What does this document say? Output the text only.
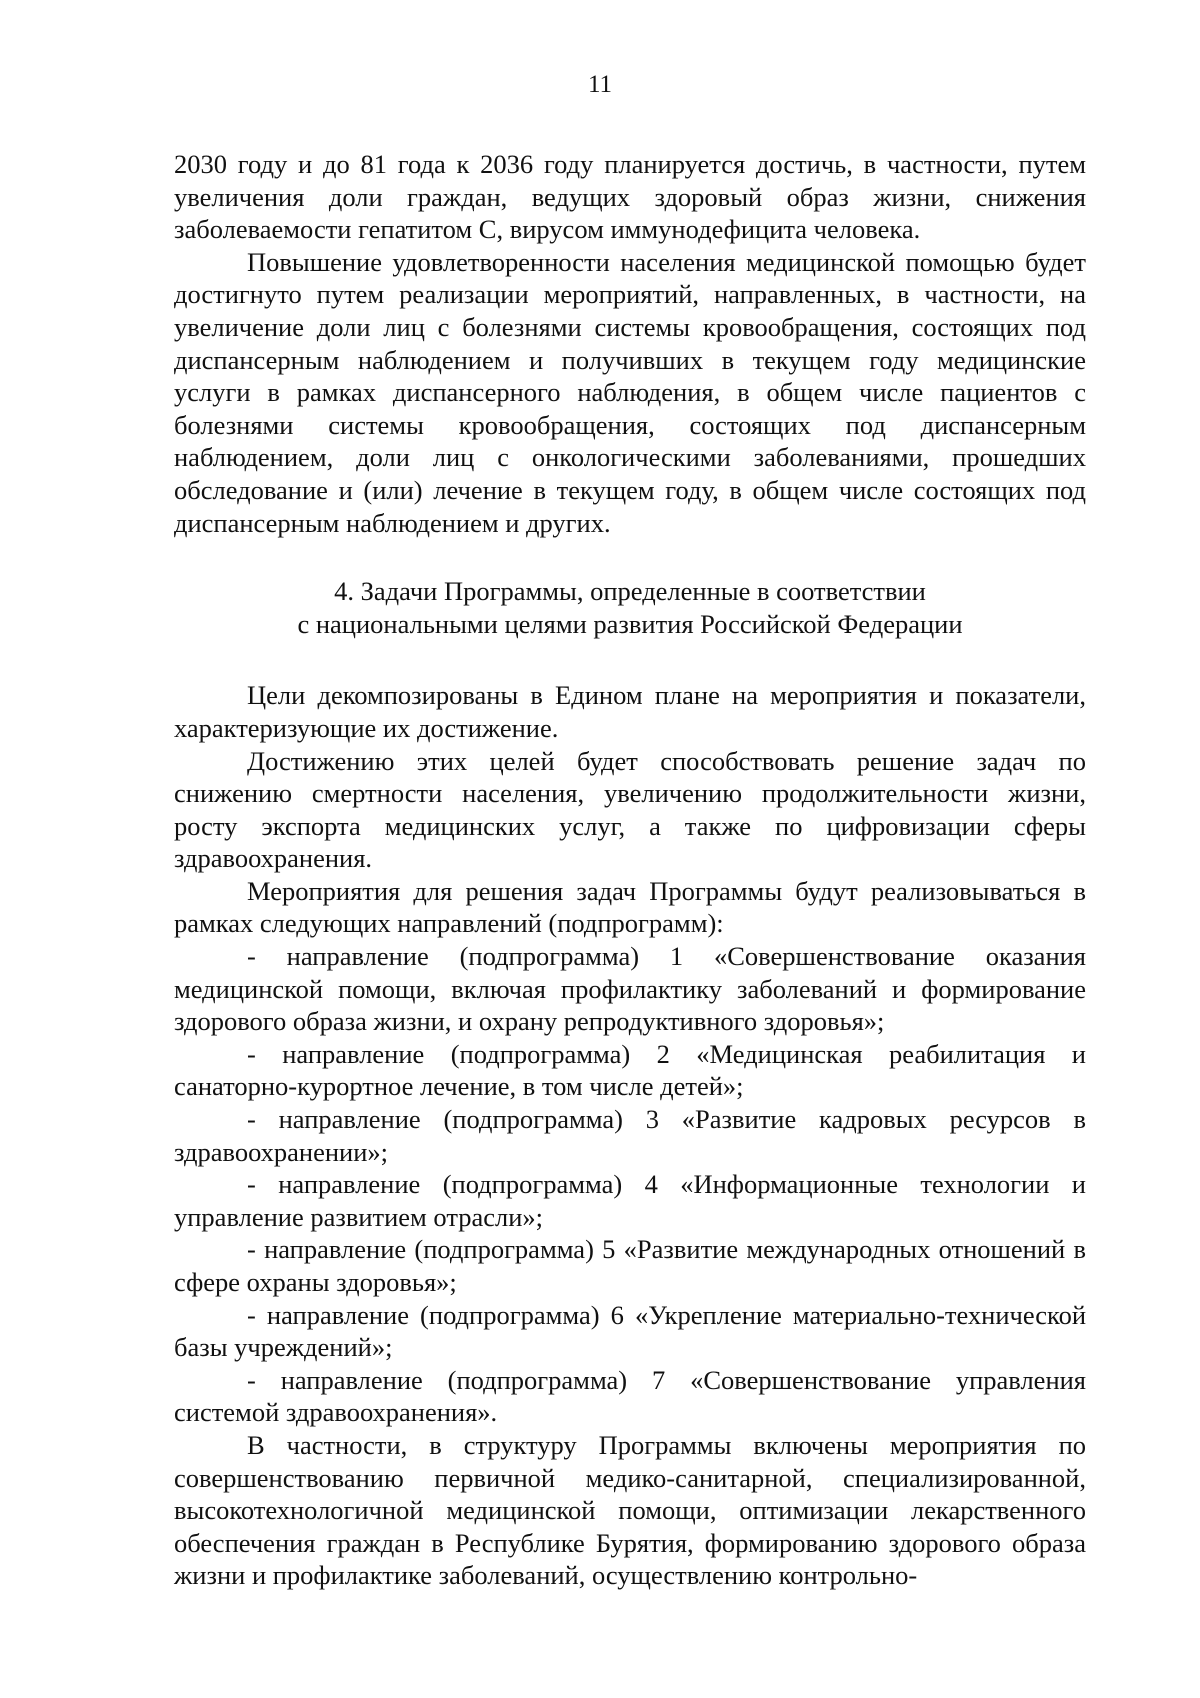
11

2030 году и до 81 года к 2036 году планируется достичь, в частности, путем увеличения доли граждан, ведущих здоровый образ жизни, снижения заболеваемости гепатитом С, вирусом иммунодефицита человека.

Повышение удовлетворенности населения медицинской помощью будет достигнуто путем реализации мероприятий, направленных, в частности, на увеличение доли лиц с болезнями системы кровообращения, состоящих под диспансерным наблюдением и получивших в текущем году медицинские услуги в рамках диспансерного наблюдения, в общем числе пациентов с болезнями системы кровообращения, состоящих под диспансерным наблюдением, доли лиц с онкологическими заболеваниями, прошедших обследование и (или) лечение в текущем году, в общем числе состоящих под диспансерным наблюдением и других.

4. Задачи Программы, определенные в соответствии
с национальными целями развития Российской Федерации

Цели декомпозированы в Едином плане на мероприятия и показатели, характеризующие их достижение.

Достижению этих целей будет способствовать решение задач по снижению смертности населения, увеличению продолжительности жизни, росту экспорта медицинских услуг, а также по цифровизации сферы здравоохранения.

Мероприятия для решения задач Программы будут реализовываться в рамках следующих направлений (подпрограмм):

- направление (подпрограмма) 1 «Совершенствование оказания медицинской помощи, включая профилактику заболеваний и формирование здорового образа жизни, и охрану репродуктивного здоровья»;

- направление (подпрограмма) 2 «Медицинская реабилитация и санаторно-курортное лечение, в том числе детей»;

- направление (подпрограмма) 3 «Развитие кадровых ресурсов в здравоохранении»;

- направление (подпрограмма) 4 «Информационные технологии и управление развитием отрасли»;

- направление (подпрограмма) 5 «Развитие международных отношений в сфере охраны здоровья»;

- направление (подпрограмма) 6 «Укрепление материально-технической базы учреждений»;

- направление (подпрограмма) 7 «Совершенствование управления системой здравоохранения».

В частности, в структуру Программы включены мероприятия по совершенствованию первичной медико-санитарной, специализированной, высокотехнологичной медицинской помощи, оптимизации лекарственного обеспечения граждан в Республике Бурятия, формированию здорового образа жизни и профилактике заболеваний, осуществлению контрольно-
